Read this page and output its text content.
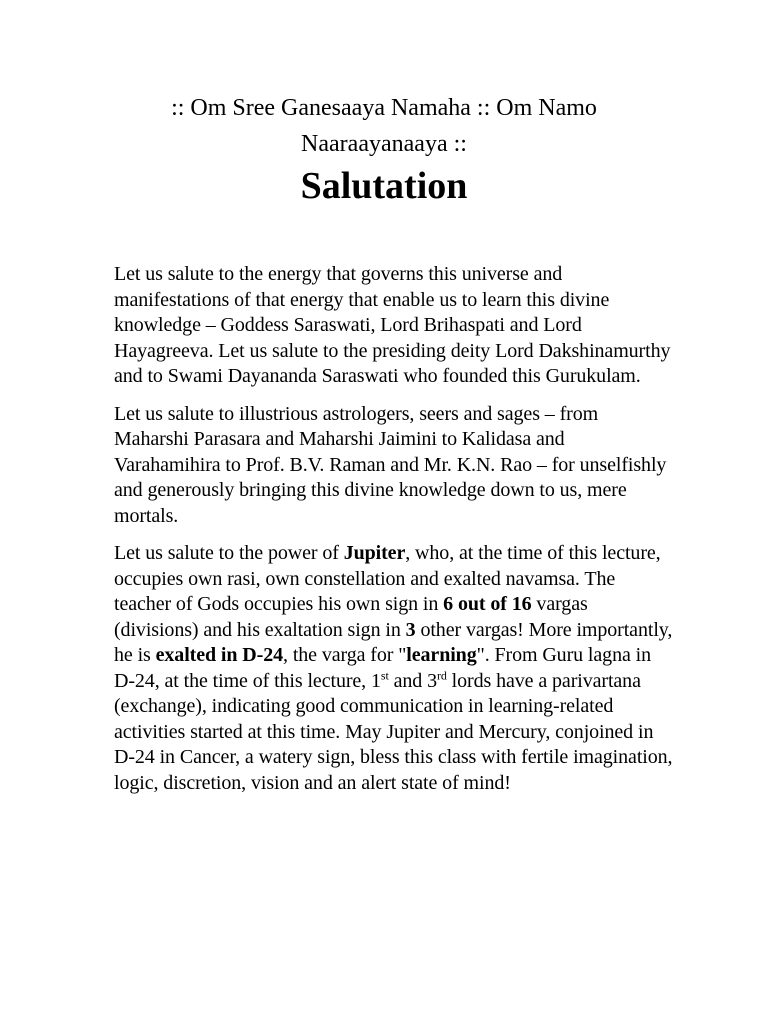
:: Om Sree Ganesaaya Namaha :: Om Namo Naaraayanaaya ::

Salutation

Let us salute to the energy that governs this universe and manifestations of that energy that enable us to learn this divine knowledge – Goddess Saraswati, Lord Brihaspati and Lord Hayagreeva. Let us salute to the presiding deity Lord Dakshinamurthy and to Swami Dayananda Saraswati who founded this Gurukulam.

Let us salute to illustrious astrologers, seers and sages – from Maharshi Parasara and Maharshi Jaimini to Kalidasa and Varahamihira to Prof. B.V. Raman and Mr. K.N. Rao – for unselfishly and generously bringing this divine knowledge down to us, mere mortals.

Let us salute to the power of Jupiter, who, at the time of this lecture, occupies own rasi, own constellation and exalted navamsa. The teacher of Gods occupies his own sign in 6 out of 16 vargas (divisions) and his exaltation sign in 3 other vargas! More importantly, he is exalted in D-24, the varga for "learning". From Guru lagna in D-24, at the time of this lecture, 1st and 3rd lords have a parivartana (exchange), indicating good communication in learning-related activities started at this time. May Jupiter and Mercury, conjoined in D-24 in Cancer, a watery sign, bless this class with fertile imagination, logic, discretion, vision and an alert state of mind!
